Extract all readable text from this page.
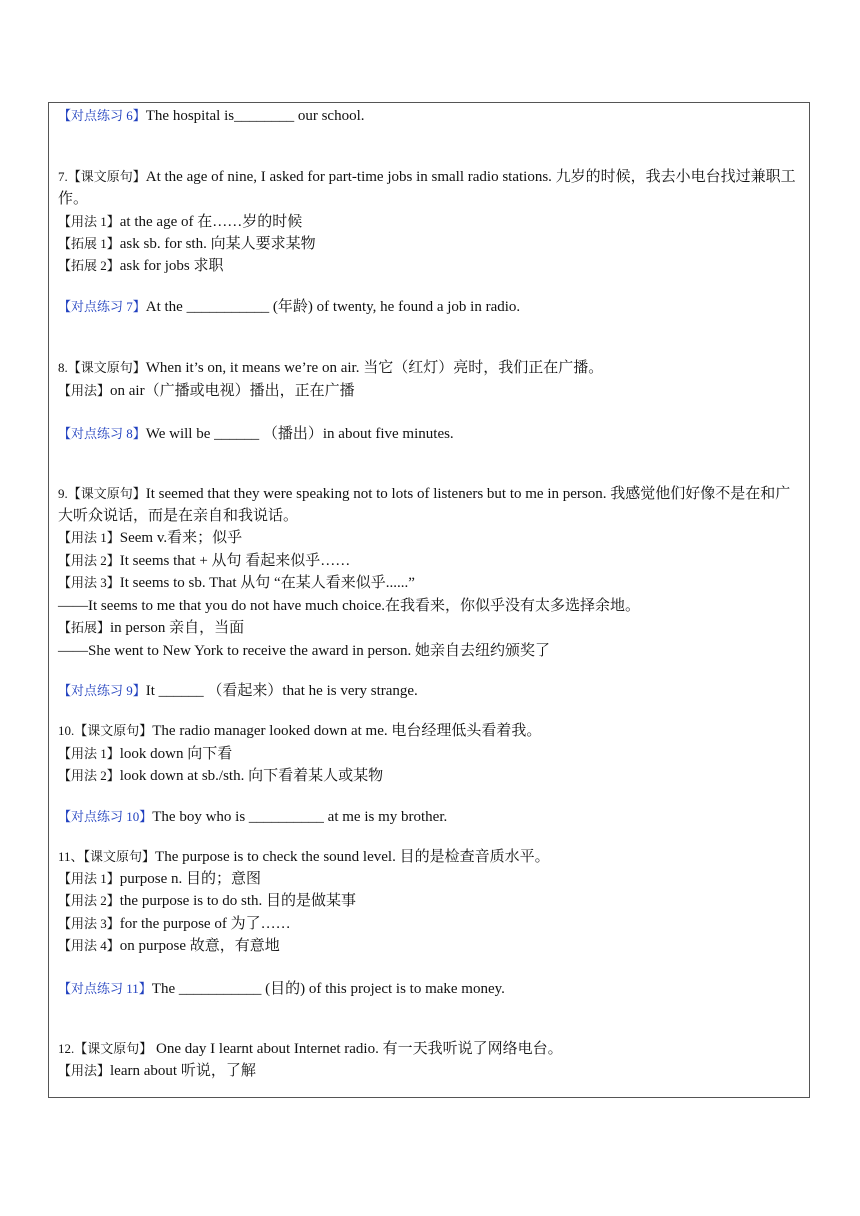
【对点练习 6】The hospital is________ our school.
7.【课文原句】At the age of nine, I asked for part-time jobs in small radio stations. 九岁的时候，我去小电台找过兼职工作。
【用法 1】at the age of 在……岁的时候
【拓展 1】ask sb. for sth. 向某人要求某物
【拓展 2】ask for jobs 求职
【对点练习 7】At the ___________ (年龄) of twenty, he found a job in radio.
8.【课文原句】When it’s on, it means we’re on air. 当它（红灯）亮时，我们正在广播。
【用法】on air（广播或电视）播出，正在广播
【对点练习 8】We will be ______ （播出）in about five minutes.
9.【课文原句】It seemed that they were speaking not to lots of listeners but to me in person. 我感觉他们好像不是在和广大听众说话，而是在亲自和我说话。
【用法 1】Seem v.看来；似乎
【用法 2】It seems that + 从句 看起来似乎……
【用法 3】It seems to sb. That 从句 “在某人看来似乎......”
——It seems to me that you do not have much choice.在我看来，你似乎没有太多选择余地。
【拓展】in person 亲自，当面
——She went to New York to receive the award in person. 她亲自去纽约颁奖了
【对点练习 9】It ______ （看起来）that he is very strange.
10.【课文原句】The radio manager looked down at me. 电台经理低头看着我。
【用法 1】look down 向下看
【用法 2】look down at sb./sth. 向下看着某人或某物
【对点练习 10】The boy who is __________ at me is my brother.
11、【课文原句】The purpose is to check the sound level. 目的是检查音质水平。
【用法 1】purpose n. 目的；意图
【用法 2】the purpose is to do sth. 目的是做某事
【用法 3】for the purpose of 为了……
【用法 4】on purpose 故意，有意地
【对点练习 11】The ___________ (目的) of this project is to make money.
12.【课文原句】 One day I learnt about Internet radio. 有一天我听说了网络电台。
【用法】learn about 听说，了解
